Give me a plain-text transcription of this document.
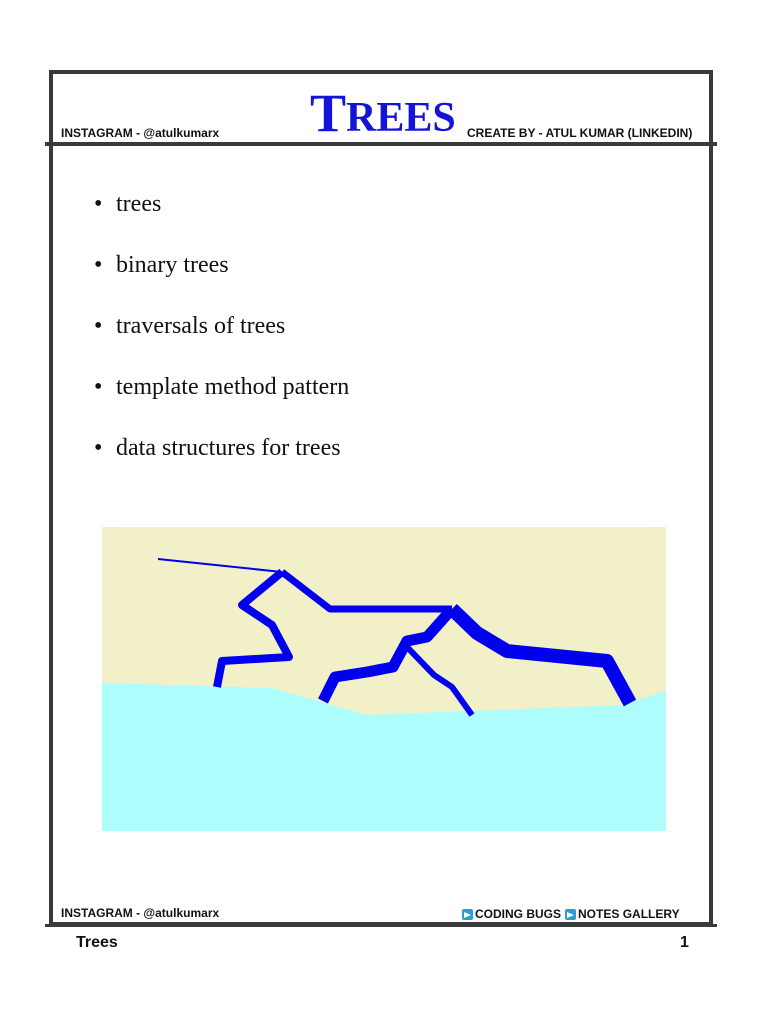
INSTAGRAM - @atulkumarx TREES CREATE BY - ATUL KUMAR (LINKEDIN)
• trees
• binary trees
• traversals of trees
• template method pattern
• data structures for trees
INSTAGRAM - @atulkumarx	CODING BUGS NOTES GALLERY
Trees	1
